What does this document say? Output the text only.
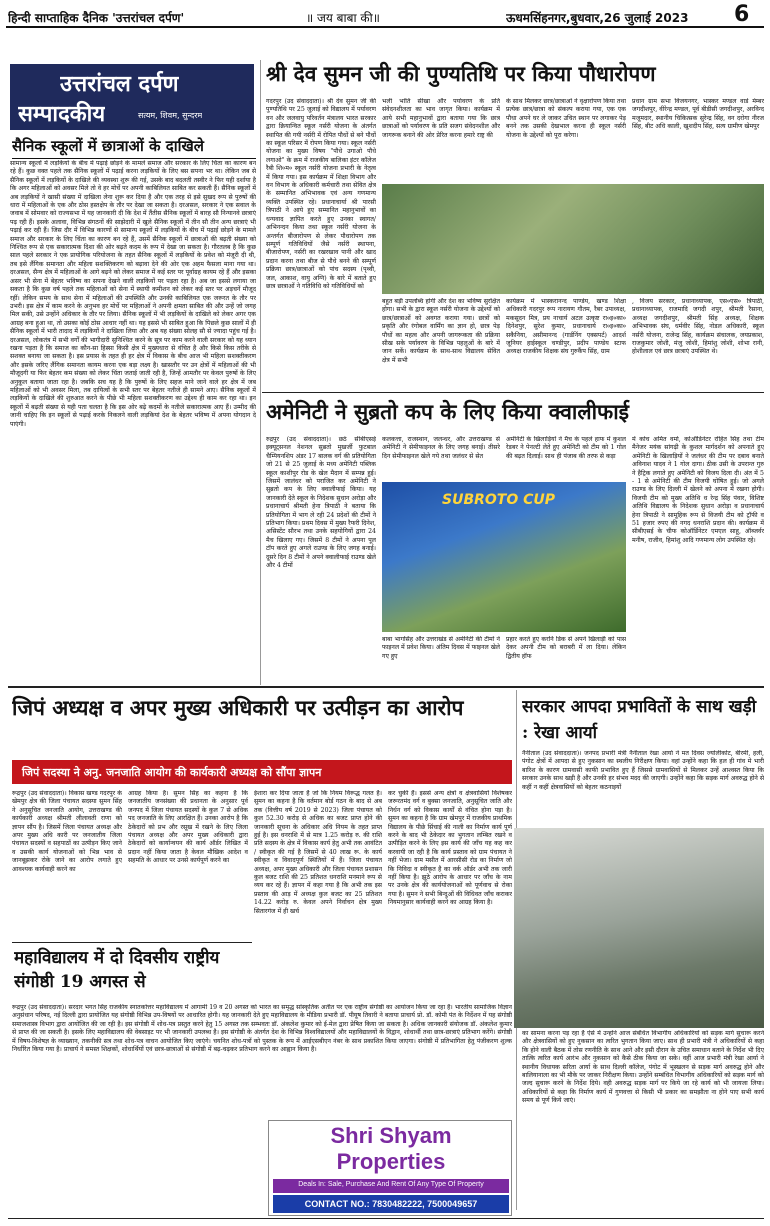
हिन्दी साप्ताहिक दैनिक 'उत्तरांचल दर्पण'	॥ जय बाबा की॥	ऊधमसिंहनगर,बुधवार,26 जुलाई 2023 6
उत्तरांचल दर्पण
सम्पादकीय	सत्यम, शिवम, सुन्दरम
सैनिक स्कूलों में छात्राओं के दाखिले
सामान्य स्कूलों में लड़कियों के बीच में पढ़ाई छोड़ने के मामले समाज और सरकार के लिए चिंता का कारण बन रहे हैं। कुछ वक्त पहले तक सैनिक स्कूलों में पढ़ाई करना लड़कियों के लिए बस सपना भर था। लेकिन जब से सैनिक स्कूलों में लड़कियों के दाखिले की व्यवस्था शुरू की गई, उसके बाद बदलती तस्वीर ने फिर यही दर्शाया है कि अगर महिलाओं को अवसर मिले तो वे हर मोर्चे पर अपनी काबिलियत साबित कर सकती हैं। सैनिक स्कूलों में अब लड़कियों ने खासी संख्या में दाखिला लेना शुरू कर दिया है और एक तरह से इसे सुखद रूप से पुरुषों की धारा में महिलाओं के एक और ठोस हस्तक्षेप के तौर पर देखा जा सकता है। दरअसल, सरकार ने एक सवाल के जवाब में सोमवार को राज्यसभा में यह जानकारी दी कि देश में तैंतीस सैनिक स्कूलों में बारह सौ निन्यानवे छात्राएं पढ़ रही हैं। इसके अलावा, विभिन्न संगठनों की साझेदारी में खुले सैनिक स्कूलों में तीन सौ तीन अन्य छात्राएं भी पढ़ाई कर रही हैं। जिस दौर में विभिन्न कारणों से सामान्य स्कूलों में लड़कियों के बीच में पढ़ाई छोड़ने के मामले समाज और सरकार के लिए चिंता का कारण बन रहे हैं, उसमें सैनिक स्कूलों में छात्राओं की बढ़ती संख्या को निश्चित रूप से एक सकारात्मक दिशा की ओर बढ़ते कदम के रूप में देखा जा सकता है। गौरतलब है कि कुछ साल पहले सरकार ने एक प्रायोगिक परियोजना के तहत सैनिक स्कूलों में लड़कियों के प्रवेश को मंजूरी दी थी, तब इसे लैंगिक समानता और महिला सशक्तिकरण को बढ़ावा देने की ओर एक अहम फैसला माना गया था। दरअसल, सैन्य क्षेत्र में महिलाओं के आगे बढ़ने को लेकर समाज में कई स्तर पर पूर्वाग्रह कायम रहे हैं और इसका असर भी सेना में बेहतर भविष्य का सपना देखने वाली लड़कियों पर पड़ता रहा है। अब जा इससे लगाया जा सकता है कि कुछ वर्ष पहले तक महिलाओं को सेना में स्थायी कमीशन को लेकर कई स्तर पर अड़चनें मौजूद रहीं। लेकिन समय के साथ सेना में महिलाओं की उपस्थिति और उनकी काबिलियत एक जरूरत के तौर पर उभरी। इस क्षेत्र में काम करने के अनुभव हर मोर्चे पर महिलाओं ने अपनी क्षमता साबित की और उन्हें जो जगह मिल सकी, उसे उन्होंने अधिकार के तौर पर लिया। सैनिक स्कूलों में भी लड़कियों के दाखिले को लेकर अगर एक आग्रह बना हुआ था, तो उसका कोई ठोस आधार नहीं था। यह इससे भी साबित हुआ कि पिछले कुछ सालों में ही सैनिक स्कूलों में भारी तादाद में लड़कियों ने दाखिला लिया और अब यह संख्या सोलह सौ से ज्यादा पहुंच गई है। दरअसल, लोकतंत्र में सभी वर्गों की भागीदारी सुनिश्चित करने के सूत्र पर काम करने वाली सरकार को यह ध्यान रखना पड़ता है कि समाज का कौन-सा हिस्सा किसी क्षेत्र में मुख्यधारा से वंचित है और किसे किस तरीके से सशक्त बनाया जा सकता है। इस प्रयास के तहत ही हर क्षेत्र में विकास के बीच आज भी महिला सशक्तीकरण और इसके जरिए लैंगिक समानता कायम करना एक बड़ा लक्ष्य है। खासतौर पर उन क्षेत्रों में महिलाओं की भी मौजूदगी या फिर बेहतर कम संख्या को लेकर चिंता जताई जाती रही है, जिन्हें आमतौर पर केवल पुरुषों के लिए अनुकूल बताया जाता रहा है। जबकि सच यह है कि पुरुषों के लिए सहज माने जाने वाले हर क्षेत्र में जब महिलाओं को भी अवसर मिला, तब दायित्वों के सभी स्तर पर बेहतर नतीजे ही सामने आए। सैनिक स्कूलों में लड़कियों के दाखिले की शुरुआत करने के पीछे भी महिला सशक्तीकरण का उद्देश्य ही काम कर रहा था। इन स्कूलों में बढ़ती संख्या से यही पता चलता है कि इस ओर बढ़े कदमों के नतीजे सकारात्मक आए हैं। उम्मीद की जानी चाहिए कि इन स्कूलों से पढ़ाई करके निकलने वाली लड़कियां देश के बेहतर भविष्य में अपना योगदान दे पाएंगी।
श्री देव सुमन जी की पुण्यतिथि पर किया पौधारोपण
गदरपुर (उद संवाददाता)। श्री देव सुमन जी की पुण्यतिथि पर 25 जुलाई को विद्यालय में पर्यावरण वन और जलवायु परिवर्तन मंत्रालय भारत सरकार द्वारा क्रियान्वित स्कूल नर्सरी योजना के अंतर्गत स्थापित की गयी नर्सरी में रोपित पौधों से बने पौधों का स्कूल परिसर में रोपण किया गया। स्कूल नर्सरी योजना का मुख्य विषय "पौधे उगाओ पौधे लगाओ" के क्रम में राजकीय बालिका इंटर कॉलेज रैबी शि०म० स्कूल नर्सरी योजना प्रभारी के नेतृत्व में किया गया। इस कार्यक्रम में शिक्षा विभाग और वन विभाग के अधिकारी कर्मचारी तथा सेवित क्षेत्र के सम्मानित अभिभावक एवं अन्य गणमान्य व्यक्ति उपस्थित रहे। प्रधानाचार्या श्री पारसी त्रिपाठी ने आये हुए सम्मानित महानुभावों का धन्यवाद ज्ञापित करते हुए उनका स्वागत/अभिनन्दन किया तथा स्कूल नर्सरी योजना के अन्तर्गत बीजारोपण से लेकर पौधारोपण तक सम्पूर्ण गतिविधियों जैसे नर्सरी स्थापना, बीजारोपण, नर्सरी का रखरखाव पानी और खाद प्रदान करना तथा बीज से पौधे बनने की सम्पूर्ण प्रक्रिया छात्र/छात्राओं को पांच सदस्य (पृथ्वी, जल, आकाश, वायु अग्नि) के बारे में बताते हुए छात्र छात्राओं ने गतिविधि को गतिविधियों को
भली भांति सीखा और पर्यावरण के प्रति संवेदनशीलता का भाव जागृत किया। कार्यक्रम में आये सभी महानुभावों द्वारा बताया गया कि छात्र छात्राओं को पर्यावरण के प्रति सजग संवेदनशील और जागरूक बनाने की ओर प्रेरित करना हमारे राष्ट्र की
के साथ मिलकर छात्र/छात्राओं ने वृक्षारोपण किया तथा प्रत्येक छात्र/छात्रा को संकल्प कराया गया, एक एक पौधा अपने घर ले जाकर उचित स्थान पर लगाकर पेड़ बनने तक उसकी देखभाल करना ही स्कूल नर्सरी योजना के उद्देश्यों को पूरा करेगा।
प्रधान ग्राम सभा विजयनगर, भास्कर मण्डल वार्ड मेम्बर जगदीशपुर, वीरेन्द्र मण्डल, पूर्व बीडीसी जगदीशपुर, अरविन्द मजूमदार, स्थानीय चिकित्सक सुरेन्द्र सिंह, वन दरोगा नीरज सिंह, बीट अधि काली, खुशदीप सिंह, सत्य ग्रामीण खेमपुर
बहुत बड़ी उपलब्धि होगी और देश का भविष्य सुरक्षित होगा। सभी के द्वारा स्कूल नर्सरी योजना के उद्देश्यों को छात्र/छात्राओं को अवगत कराया गया। छात्रों को प्रकृति और रंगोबल वार्मिंग का ज्ञान हो, छात्र पेड़ पौधों का महत्व और अपनी जागरूकता की प्रक्रिया सीख सके पर्यावरण के विभिन्न पहलुओं के बारे में जान सकें। कार्यक्रम के साथ-साथ विद्यालय सेवित क्षेत्र में सभी
कार्यक्रम में भास्करानन्द पाण्डेय, खण्ड शिक्षा अधिकारी गदरपुर रूप नारायण गौतम, रैबर उपाध्यक्ष, मकसूदन मित्र, प्रय नाचार्य अटल उत्कृष्ट रा०इ०का० दिनेशपुर, सुरेश कुमार, प्रधानाचार्य रा०इ०का० सकैनिया, असीमानन्द (गार्डनिंग एक्सपर्ट) आदर्श जूनियर हाईस्कूल चण्डीपुर, प्रदीप पाण्डेय स्टाफ अध्यक्ष राजकीय शिक्षक संघ गुरुकैंप सिंह, ग्राम
, विजय सरकार, प्रधानाध्यापक, एस०एस० त्रिपाठी, प्रधानाध्यापक, राजमादि जगदी शपुर, श्रीमती रैसाना, अध्यक्ष जगदीशपुर, श्रीमती सिंह अध्यक्ष, शिक्षक अभिभावक संघ, धर्मवीर सिंह, नोडल अधिकारी, स्कूल नर्सरी योजना, राजेन्द्र सिंह, कार्यक्रम संचालक, जयप्रकाश, राजकुमार जोशी, मंजु जोशी, हिमांशु जोशी, शोभा रानी, होशीलाल एवं छात्र छात्राएं उपस्थित थे।
अमेनिटी ने सुब्रतो कप के लिए किया क्वालीफाई
रुद्रपुर (उद संवाददाता)। छठे सीबीएसई इक्यूट्सनल नेशनल सुब्रतो मुखर्जी फुटबाल चैम्पियनशिप अंडर 17 बालक वर्ग की प्रतियोगिता जो 21 से 25 जुलाई के मध्य अमेनिटी पब्लिक स्कूल काशीपुर रोड के खेल मैदान में सम्पन्न हुई। जिसमें जालंधर को पराजित कर अमेनिटी ने सुब्रतो कप के लिए क्वालीफाई किया। यह जानकारी देते स्कूल के निदेशक सुधान अरोड़ा और प्रधानाचार्य श्रीमती हेना त्रिपाठी ने बताया कि प्रतियोगिता में भाग ले रही 24 प्रदेशों की टीमों ने प्रतिभाग किया। प्रथम दिवस में मुख्य रैफरी दिनेश, असिस्टेंट सौरभ तथा उनके सहयोगियों द्वारा 24 मैच खिलाए गए। जिसमें 8 टीमों ने अपना पूल टॉप करते हुए अगले राउण्ड के लिए जगह बनाई। दूसरे दिन 8 टीमों ने अपने क्वालीफाई राउण्ड खेले और 4 टीमों
कलकत्ता, राजस्थान, जलन्धर, और उत्तराखण्ड से अमेनिटी ने सेमीफाइनल के लिए जगह बनाई। तीसरे दिन सेमीफाइनल खेले गये तथा जलंधर से सेत
अमेनिटी के खिलाड़ियों ने मैच के पहले हाफ में कुशल रेडबर ने पेनल्टी लेते हुए अमेनिटी को टीम को 1 गोल की बढ़त दिलाई। साथ ही पंजाब की तरफ से कड़ा
में कोच अमित वर्मा, कोऑडिनेटर रोहित सिंह तथा टीम मैनेजर मयंक सांगढ़ी के कुशल मार्गदर्शन को अपनाते हुए अमेनिटी के खिलाड़ियों ने जलंधर की टीम पर दबाव बनाते अविनाश यादव ने 1 गोल दागा। ठीक उसी के उपरान्त गुरु ने हैट्रिक लगाते हुए अमेनिटी को विजय दिला दी। अंत में 5 - 1 से अमेनिटी की टीम विजयी घोषित हुई। जो अगले राउण्ड के लिए दिल्ली में खेलने को अपना में रखना होगी। विजयी टीम को मुख्य अतिथि ध रेन्द्र सिंह पंवार, विशिष्ट अतिथि विद्यालय के निदेशक सुधान अरोड़ा व प्रधानाचार्य हेना त्रिपाठी ने सामूहिक रूप से विजयी टीम को ट्रॉफी व 51 हजार रुपए की नगद धनराशि प्रदान की। कार्यक्रम में सीबीएसई के चीफ कोऑर्डिनेटर एमएल साहू, ऑब्जर्वर मनीष, राजीव, हिमांशु आदि गणमान्य लोग उपस्थित रहे।
SUBROTO CUP
बाबा भागसिंह और उत्तराखंड से अमेनिटी की टीमों ने फाइनल में प्रवेश किया। अंतिम दिवस में फाइनल खेले गए हुए
प्रहार करते हुए करनि डिक से अपने खिलाड़ी को पास देकर अपनी टीम को बराबरी में ला दिया। लेकिन द्वितीय हॉफ
जिपं अध्यक्ष व अपर मुख्य अधिकारी पर उत्पीड़न का आरोप
जिपं सदस्या ने अनु. जनजाति आयोग की कार्यकारी अध्यक्ष को सौंपा ज्ञापन
रूद्रपुर (उद संवाददाता)। विकास खण्ड गदरपुर के खेमपुर क्षेत्र की जिला पंचायत सदस्या सुमन सिंह ने अनुसूचित जनजाति आयोग, उत्तराखण्ड की कार्यकारी अध्यक्ष श्रीमती लीलावती राणा को ज्ञापन सौंप है। जिसमें जिला पंचायत अध्यक्ष और अपर मुख्य अधि कारी पर जनजातीय जिला पंचायत सदस्यों व सहपाठों का उत्पीड़न किए जाने व उसकी कार्य योजनाओं को भिन्न भाव से जानबूझकर रोके जाने का आरोप लगाते हुए आवश्यक कार्यवाही करने का
आग्रह किया है। सुमन सिंह का कहना है कि जनजातीय जनसंख्या की प्रधानता के अनुसार पूर्व जनपद में जिला पंचायत सदस्यों के कुल 7 से अधिक पद जनजाति के लिए आरक्षित हैं। उनका आरोप है कि ठेकेदारों को प्रभ और रसूख में रखने के लिए जिला पंचायत अध्यक्ष और अपर मुख्य अधिकारी द्वारा ठेकेदारों को कार्यान्वयन की कार्य ऑर्डर लिखित में प्रदान नहीं किया जाता है केवल मौखिक आदेश व सहमति के आधार पर उनसे कार्यपूर्ण करने का
ईशारा कर दिया जाता है जो कि नियम विरूद्ध गलत है। सुमन का कहना है कि वर्तमान बोर्ड गठन के बाद से अब तक (वित्तीय वर्ष 2019 से 2023) जिला पंचायत को कुल 52.30 करोड़ से अधिक का बजट प्राप्त होने की जानकारी सूचना के अधिकार अधि नियम के तहत प्राप्त हुई है। इस धनराशि में से मात्र 1.25 करोड़ रु. की राशि प्रति सदस्य के क्षेत्र में विकास कार्य हेतु अभी तक आवंटित / स्वीकृत की गई है जिसमें से 40 लाख रू. के कार्य स्वीकृत व विवादपूर्ण स्थितियों में हैं। जिला पंचायत अध्यक्ष, अपर मुख्य अधिकारी और जिला पंचायत प्रशासन कुल बजट राशि की 25 प्रतिशत धनराशि मनमाने रूप से व्यय कर रहे हैं। ज्ञापन में कहा गया है कि अभी तक इस प्रस्ताव की आड़ में अध्यक्ष कुल बजट का 25 प्रतिशत 14.22 करोड़ रु. केवल अपने निर्वाचन क्षेत्र मुख्य सितारगंज में ही खर्च
कर चुकी हैं। इससे अन्य क्षेत्रों व क्षेत्रवासियों विशेषकर जरूरतमंद वर्ग व बुक्सा जनजाति, अनुसूचित जाति और निर्धन वर्ग को विकास कार्यों से वंचित होना पड़ा है। सुमन का कहना है कि ग्राम खेमपुर में राजकीय प्राथमिक विद्यालय के पीछे सिंचाई की नाली का निर्माण कार्य पूर्ण करने के बाद भी ठेकेदार का भुगतान लम्बित रखने व उत्पीड़ित करने के लिए इस कार्य की जाँच यह कह कर करवायी जा रही है कि कार्य प्रस्ताव को ग्राम पंचायत ने नहीं भेजा। ग्राम मसीत में आरसीसी रोड का निर्माण जो कि निविदा व स्वीकृत है का वर्क ऑर्डर अभी तक जारी नहीं किया है। झूठे आरोप के आधार पर जाँच के नाम पर उनके क्षेत्र की कार्ययोजनाओं को पूर्णवाच से रोका गया है। सुमन ने सभी बिन्दुओं की विधिवत जाँच कराकर नियमानुसार कार्यवाही करने का आग्रह किया है।
महाविद्यालय में दो दिवसीय राष्ट्रीय संगोष्ठी 19 अगस्त से
रूद्रपुर (उद संवाददाता)। सरदार भगत सिंह राजकीय स्नातकोत्तर महाविद्यालय में आगामी 19 व 20 अगस्त को भारत का समृद्ध सांस्कृतिक अतीत पर एक राष्ट्रीय संगोष्ठी का आयोजन किया जा रहा है। भारतीय सामाजिक विज्ञान अनुसंधान परिषद, नई दिल्ली द्वारा प्रायोजित यह संगोष्ठी विभिन्न उप-विषयों पर आधारित होगी। यह जानकारी देते हुए महाविद्यालय के मीडिया प्रभारी डॉ. पीयूष तिवारी ने बताया प्राचार्य प्रो. डॉ. कोमी पंत के निर्देशन में यह संगोष्ठी समाजशास्त्र विभाग द्वारा आयोजित की जा रही है। इस संगोष्ठी में शोध-पत्र प्रस्तुत करने हेतु 15 अगस्त तक सम्भवतः डॉ. अंकलेश कुमार को ई-मेल द्वारा प्रेषित किया जा सकता है। अधिक जानकारी संयोजक डॉ. अंकलेश कुमार से प्राप्त की जा सकती है। इसके लिए महाविद्यालय की वेबसाइट पर भी जानकारी उपलब्ध है। इस संगोष्ठी के अंतर्गत देश के विभिन्न विश्वविद्यालयों और महाविद्यालयों के विद्वान, शोधार्थी तथा छात्र-छात्राएं प्रतिभाग करेंगे। संगोष्ठी में विषय-विशेषज्ञ के व्याख्यान, तकनीकी सत्र तथा शोध-पत्र वाचन आयोजित किए जाएंगे। चयनित शोध-पत्रों को पुस्तक के रूप में आईएसबीएन नंबर के साथ प्रकाशित किया जाएगा। संगोष्ठी में प्रतिभागिता हेतु पंजीकरण शुल्क निर्धारित किया गया है। प्राचार्य ने समस्त शिक्षकों, शोधार्थियों एवं छात्र-छात्राओं से संगोष्ठी में बढ़-चढ़कर प्रतिभाग करने का आह्वान किया है।
सरकार आपदा प्रभावितों के साथ खड़ी : रेखा आर्या
नैनीताल (उद संवाददाता)। जनपद प्रभारी मंत्री नैनीताल रेखा आर्या ने मत दिवस ज्योलीकोट, बीरमी, हली, पंगोट क्षेत्रों में आपदा से हुए नुकसान का स्थलीय निरीक्षण किया। वहां उन्होंने कहा कि हल ही गांव मे भारी बारिश के कारण ग्रामवासी काफी प्रभावित हुए हैं जिससे ग्रामवासियों से मिलकर उन्हें आश्वस्त किया कि सरकार उनके साथ खड़ी है और उनकी हर संभव मदद की जाएगी। उन्होंने कहा कि सड़क मार्ग अवरुद्ध होने से कहीं न कहीं क्षेत्रवासियों को बेहतर कठनाइयों
का सामना करना पड़ रहा है ऐसे में उन्होंने आज संबंधित विभागीय अधिकारियों को सड़क मार्ग सुचारू करने और क्षेत्रवासियों को हुए नुकसान का त्वरित भुगतान किया जाए। साथ ही प्रभारी मंत्री ने अधिकारियों से कहा कि होने वाली बैठक में तोस रणनीति के साथ आने और इसी दौरान के उचित समाधान बताने के निर्देश भी दिए तात्कि त्वरित कार्य आरंभ और नुकसान को कैसे ठीक किया जा सके। वहीं आज प्रभारी मंत्री रेखा आर्या ने स्थानीय विधायक सरिता आर्या के साथ दिल्ली कॉलेज, पंगोट में भूस्खलन से सड़क मार्ग अवरुद्ध होने और बालियानाला का भी मौके पर जाकर निरीक्षण किया। उन्होंने सम्बंधित विभागीय अधिकारियों को सड़क मार्ग को जल्द सुचारू करने के निर्देश दिये। वही अवरुद्ध सड़क मार्ग पर किये जा रहे कार्य को भी जायजा लिया। अधिकारियों से कहा कि निर्माण कार्य में गुणवत्ता से किसी भी प्रकार का समझौता ना होने पाए सभी कार्य समय से पूर्ण किये जाएं।
Shri Shyam
Properties
Deals In: Sale, Purchase And Rent Of Any Type Of Property
CONTACT NO.: 7830482222, 7500049657
